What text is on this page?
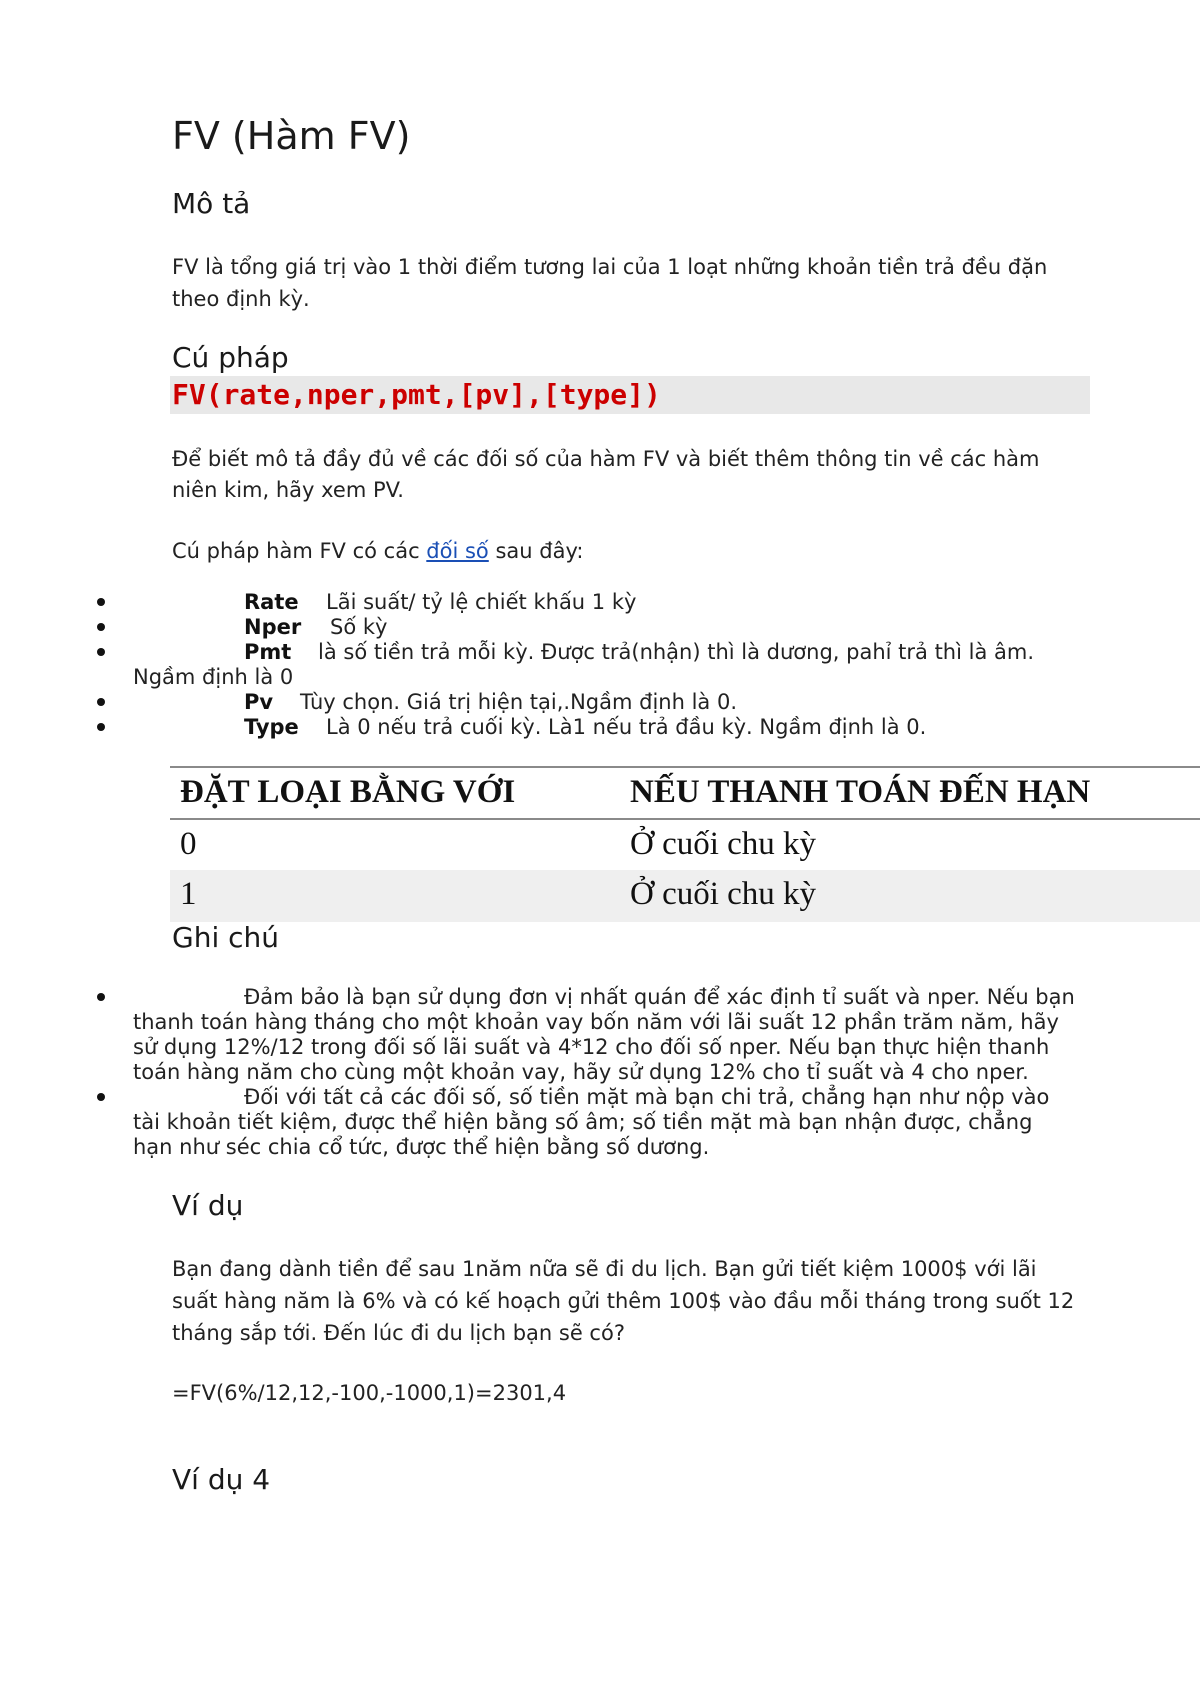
FV (Hàm FV)
Mô tả
FV là tổng giá trị vào 1 thời điểm tương lai của 1 loạt những khoản tiền trả đều đặn
theo định kỳ.
Cú pháp
FV(rate,nper,pmt,[pv],[type])
Để biết mô tả đầy đủ về các đối số của hàm FV và biết thêm thông tin về các hàm
niên kim, hãy xem PV.
Cú pháp hàm FV có các đối số sau đây:
Rate Lãi suất/ tỷ lệ chiết khấu 1 kỳ
Nper Số kỳ
Pmt là số tiền trả mỗi kỳ. Được trả(nhận) thì là dương, pahỉ trả thì là âm.
Ngầm định là 0
Pv Tùy chọn. Giá trị hiện tại,.Ngầm định là 0.
Type Là 0 nếu trả cuối kỳ. Là1 nếu trả đầu kỳ. Ngầm định là 0.
ĐẶT LOẠI BẰNG VỚI	NẾU THANH TOÁN ĐẾN HẠN
0	Ở cuối chu kỳ
1	Ở cuối chu kỳ
Ghi chú
Đảm bảo là bạn sử dụng đơn vị nhất quán để xác định tỉ suất và nper. Nếu bạn
thanh toán hàng tháng cho một khoản vay bốn năm với lãi suất 12 phần trăm năm, hãy
sử dụng 12%/12 trong đối số lãi suất và 4*12 cho đối số nper. Nếu bạn thực hiện thanh
toán hàng năm cho cùng một khoản vay, hãy sử dụng 12% cho tỉ suất và 4 cho nper.
Đối với tất cả các đối số, số tiền mặt mà bạn chi trả, chẳng hạn như nộp vào
tài khoản tiết kiệm, được thể hiện bằng số âm; số tiền mặt mà bạn nhận được, chẳng
hạn như séc chia cổ tức, được thể hiện bằng số dương.
Ví dụ
Bạn đang dành tiền để sau 1năm nữa sẽ đi du lịch. Bạn gửi tiết kiệm 1000$ với lãi
suất hàng năm là 6% và có kế hoạch gửi thêm 100$ vào đầu mỗi tháng trong suốt 12
tháng sắp tới. Đến lúc đi du lịch bạn sẽ có?
=FV(6%/12,12,-100,-1000,1)=2301,4
Ví dụ 4
